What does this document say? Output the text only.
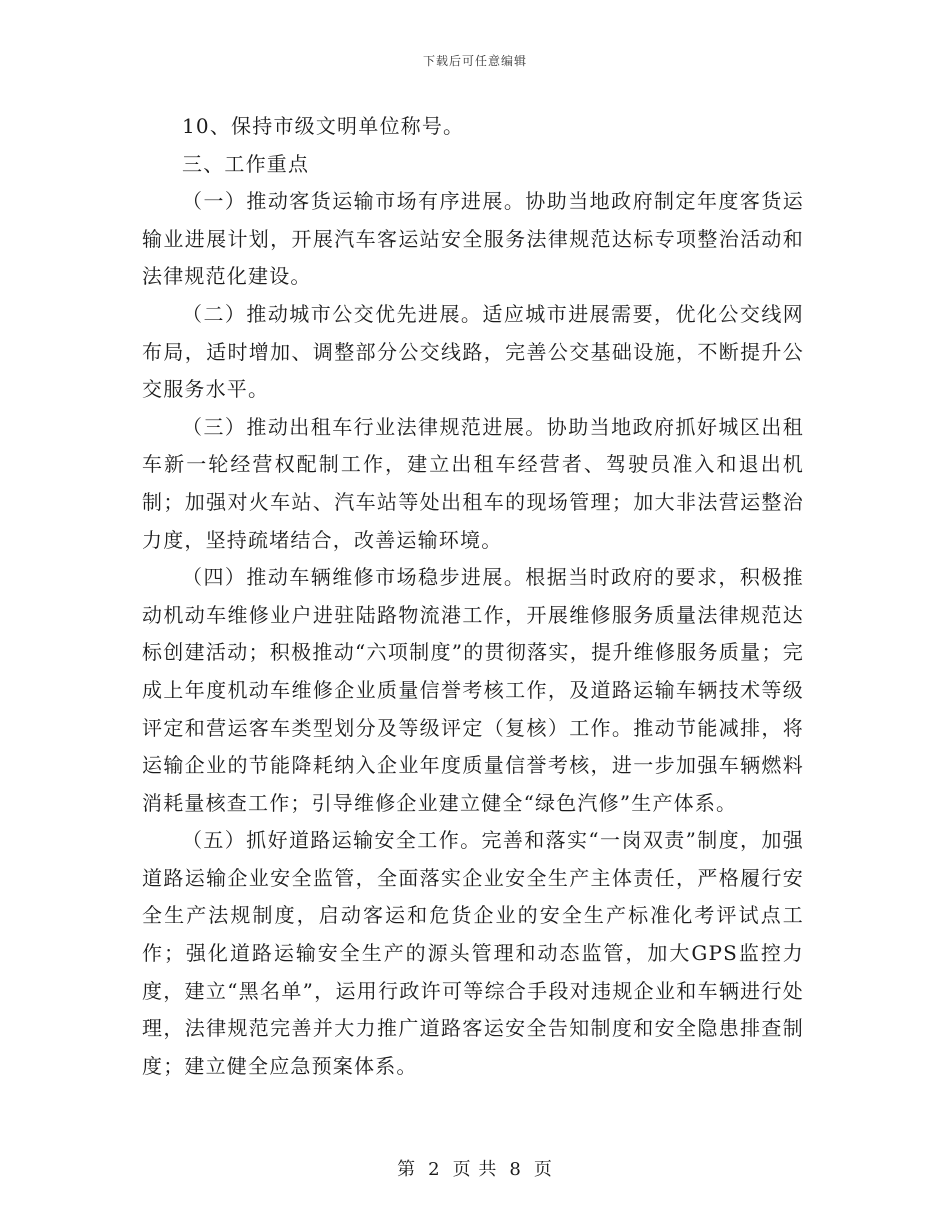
下载后可任意编辑

10、保持市级文明单位称号。

三、工作重点

（一）推动客货运输市场有序进展。协助当地政府制定年度客货运输业进展计划，开展汽车客运站安全服务法律规范达标专项整治活动和法律规范化建设。

（二）推动城市公交优先进展。适应城市进展需要，优化公交线网布局，适时增加、调整部分公交线路，完善公交基础设施，不断提升公交服务水平。

（三）推动出租车行业法律规范进展。协助当地政府抓好城区出租车新一轮经营权配制工作，建立出租车经营者、驾驶员准入和退出机制；加强对火车站、汽车站等处出租车的现场管理；加大非法营运整治力度，坚持疏堵结合，改善运输环境。

（四）推动车辆维修市场稳步进展。根据当时政府的要求，积极推动机动车维修业户进驻陆路物流港工作，开展维修服务质量法律规范达标创建活动；积极推动“六项制度”的贯彻落实，提升维修服务质量；完成上年度机动车维修企业质量信誉考核工作，及道路运输车辆技术等级评定和营运客车类型划分及等级评定（复核）工作。推动节能减排，将运输企业的节能降耗纳入企业年度质量信誉考核，进一步加强车辆燃料消耗量核查工作；引导维修企业建立健全“绿色汽修”生产体系。

（五）抓好道路运输安全工作。完善和落实“一岗双责”制度，加强道路运输企业安全监管，全面落实企业安全生产主体责任，严格履行安全生产法规制度，启动客运和危货企业的安全生产标准化考评试点工作；强化道路运输安全生产的源头管理和动态监管，加大GPS监控力度，建立“黑名单”，运用行政许可等综合手段对违规企业和车辆进行处理，法律规范完善并大力推广道路客运安全告知制度和安全隐患排查制度；建立健全应急预案体系。

第 2 页 共 8 页
